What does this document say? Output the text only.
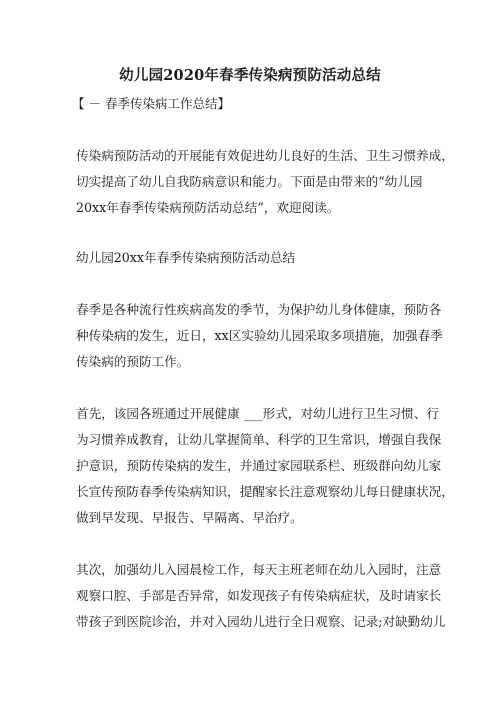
幼儿园2020年春季传染病预防活动总结

【 － 春季传染病工作总结】

传染病预防活动的开展能有效促进幼儿良好的生活、卫生习惯养成，
切实提高了幼儿自我防病意识和能力。下面是由带来的“幼儿园
20xx年春季传染病预防活动总结”，欢迎阅读。
幼儿园20xx年春季传染病预防活动总结
春季是各种流行性疾病高发的季节，为保护幼儿身体健康，预防各
种传染病的发生，近日，xx区实验幼儿园采取多项措施，加强春季
传染病的预防工作。
首先，该园各班通过开展健康 ___形式，对幼儿进行卫生习惯、行
为习惯养成教育，让幼儿掌握简单、科学的卫生常识，增强自我保
护意识，预防传染病的发生，并通过家园联系栏、班级群向幼儿家
长宣传预防春季传染病知识，提醒家长注意观察幼儿每日健康状况，
做到早发现、早报告、早隔离、早治疗。
其次，加强幼儿入园晨检工作，每天主班老师在幼儿入园时，注意
观察口腔、手部是否异常，如发现孩子有传染病症状，及时请家长
带孩子到医院诊治，并对入园幼儿进行全日观察、记录;对缺勤幼儿
